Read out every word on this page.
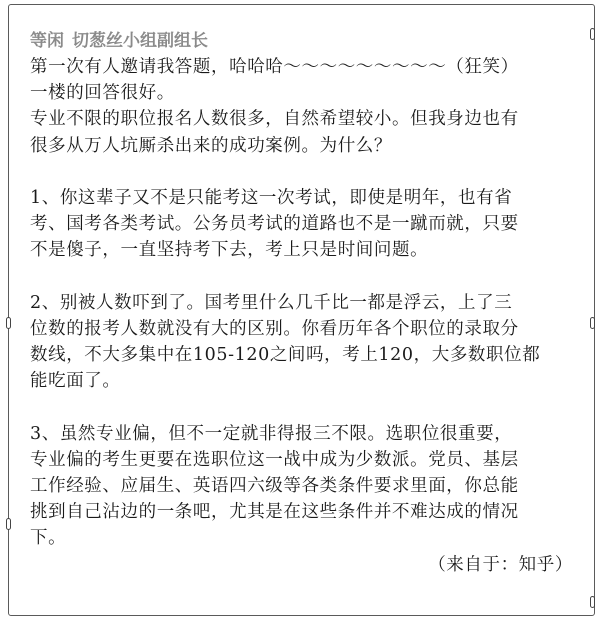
等闲 切葱丝小组副组长
第一次有人邀请我答题，哈哈哈～～～～～～～～～（狂笑）
一楼的回答很好。
专业不限的职位报名人数很多，自然希望较小。但我身边也有
很多从万人坑厮杀出来的成功案例。为什么？
1、你这辈子又不是只能考这一次考试，即使是明年，也有省
考、国考各类考试。公务员考试的道路也不是一蹴而就，只要
不是傻子，一直坚持考下去，考上只是时间问题。
2、别被人数吓到了。国考里什么几千比一都是浮云，上了三
位数的报考人数就没有大的区别。你看历年各个职位的录取分
数线，不大多集中在105-120之间吗，考上120，大多数职位都
能吃面了。
3、虽然专业偏，但不一定就非得报三不限。选职位很重要，
专业偏的考生更要在选职位这一战中成为少数派。党员、基层
工作经验、应届生、英语四六级等各类条件要求里面，你总能
挑到自己沾边的一条吧，尤其是在这些条件并不难达成的情况
下。
（来自于：知乎）
